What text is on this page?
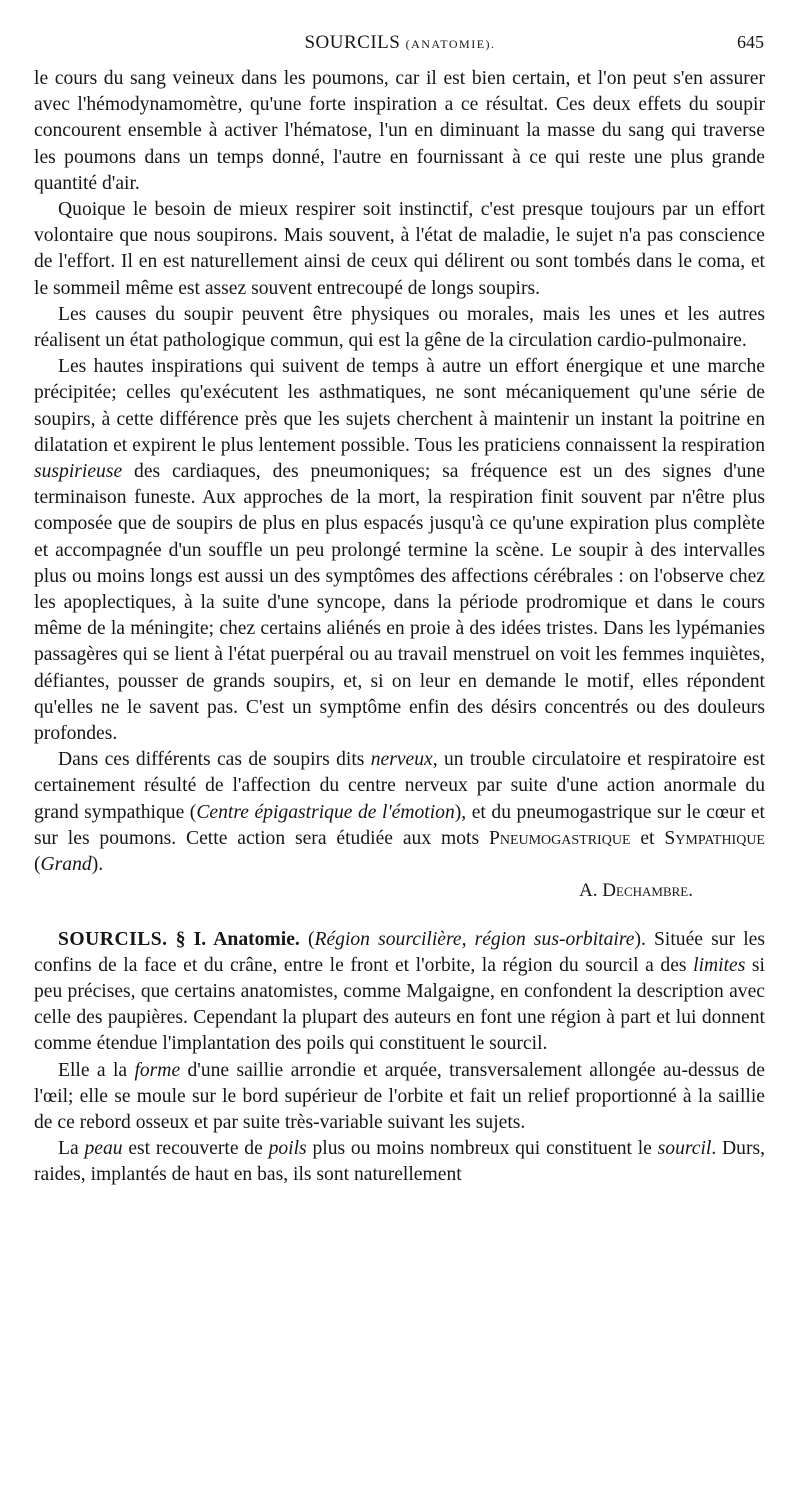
SOURCILS (ANATOMIE).	645

le cours du sang veineux dans les poumons, car il est bien certain, et l'on peut s'en assurer avec l'hémodynamomètre, qu'une forte inspiration a ce résultat. Ces deux effets du soupir concourent ensemble à activer l'hématose, l'un en diminuant la masse du sang qui traverse les poumons dans un temps donné, l'autre en fournissant à ce qui reste une plus grande quantité d'air.

Quoique le besoin de mieux respirer soit instinctif, c'est presque toujours par un effort volontaire que nous soupirons. Mais souvent, à l'état de maladie, le sujet n'a pas conscience de l'effort. Il en est naturellement ainsi de ceux qui délirent ou sont tombés dans le coma, et le sommeil même est assez souvent entrecoupé de longs soupirs.

Les causes du soupir peuvent être physiques ou morales, mais les unes et les autres réalisent un état pathologique commun, qui est la gêne de la circulation cardio-pulmonaire.

Les hautes inspirations qui suivent de temps à autre un effort énergique et une marche précipitée; celles qu'exécutent les asthmatiques, ne sont mécaniquement qu'une série de soupirs, à cette différence près que les sujets cherchent à maintenir un instant la poitrine en dilatation et expirent le plus lentement possible. Tous les praticiens connaissent la respiration suspirieuse des cardiaques, des pneumoniques; sa fréquence est un des signes d'une terminaison funeste. Aux approches de la mort, la respiration finit souvent par n'être plus composée que de soupirs de plus en plus espacés jusqu'à ce qu'une expiration plus complète et accompagnée d'un souffle un peu prolongé termine la scène. Le soupir à des intervalles plus ou moins longs est aussi un des symptômes des affections cérébrales : on l'observe chez les apoplectiques, à la suite d'une syncope, dans la période prodromique et dans le cours même de la méningite; chez certains aliénés en proie à des idées tristes. Dans les lypémanies passagères qui se lient à l'état puerpéral ou au travail menstruel on voit les femmes inquiètes, défiantes, pousser de grands soupirs, et, si on leur en demande le motif, elles répondent qu'elles ne le savent pas. C'est un symptôme enfin des désirs concentrés ou des douleurs profondes.

Dans ces différents cas de soupirs dits nerveux, un trouble circulatoire et respiratoire est certainement résulté de l'affection du centre nerveux par suite d'une action anormale du grand sympathique (Centre épigastrique de l'émotion), et du pneumogastrique sur le cœur et sur les poumons. Cette action sera étudiée aux mots Pneumogastrique et Sympathique (Grand).

A. Dechambre.

SOURCILS. § I. Anatomie. (Région sourcilière, région sus-orbitaire). Située sur les confins de la face et du crâne, entre le front et l'orbite, la région du sourcil a des limites si peu précises, que certains anatomistes, comme Malgaigne, en confondent la description avec celle des paupières. Cependant la plupart des auteurs en font une région à part et lui donnent comme étendue l'implantation des poils qui constituent le sourcil.

Elle a la forme d'une saillie arrondie et arquée, transversalement allongée au-dessus de l'œil; elle se moule sur le bord supérieur de l'orbite et fait un relief proportionné à la saillie de ce rebord osseux et par suite très-variable suivant les sujets.

La peau est recouverte de poils plus ou moins nombreux qui constituent le sourcil. Durs, raides, implantés de haut en bas, ils sont naturellement
